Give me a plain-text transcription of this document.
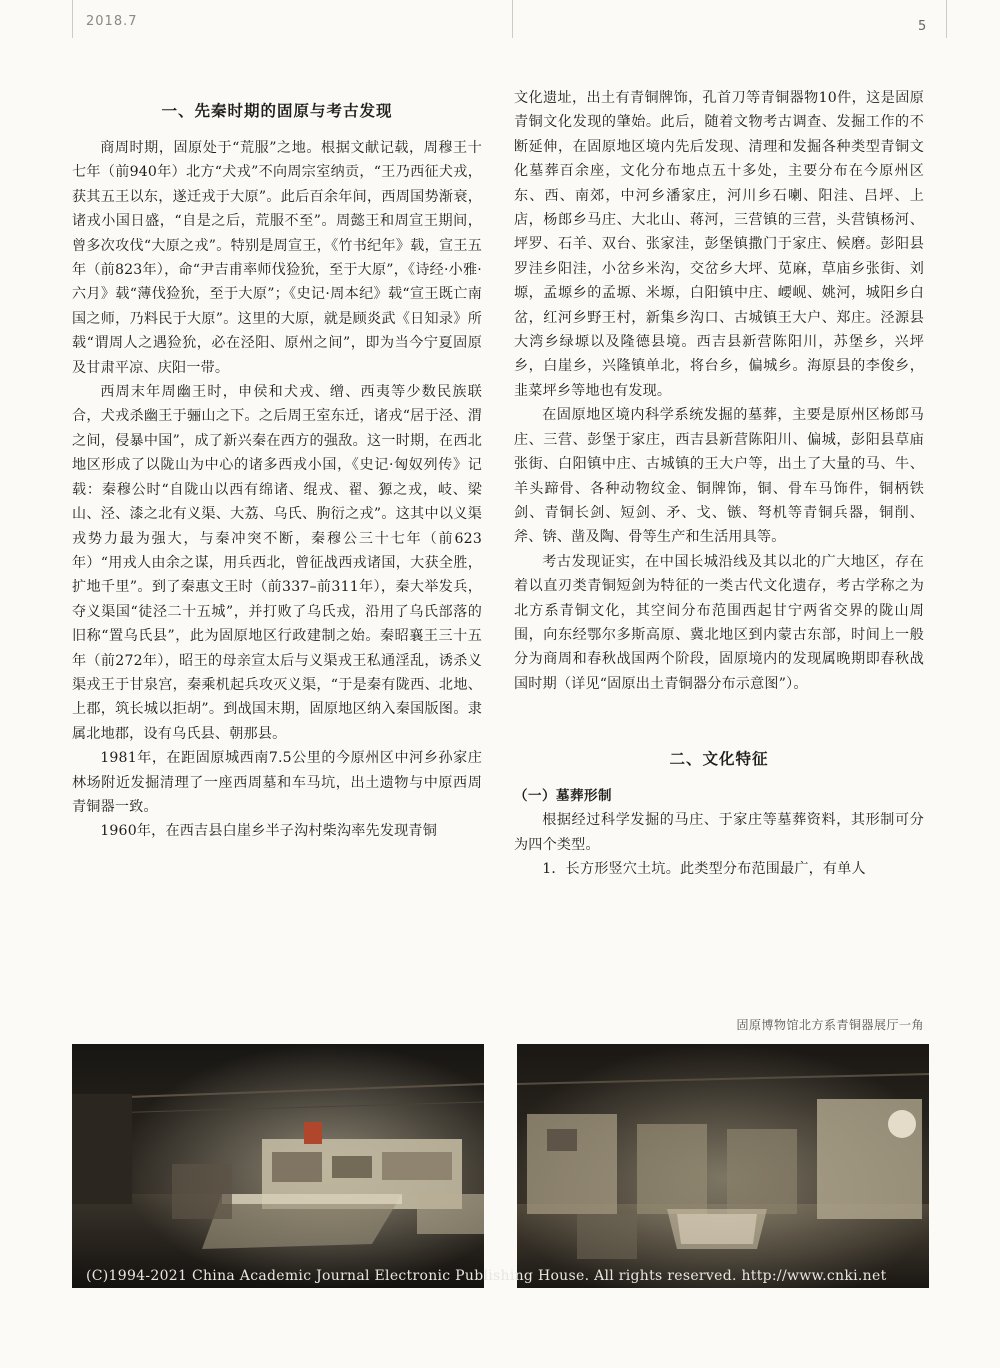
2018.7	5
一、先秦时期的固原与考古发现

商周时期，固原处于“荒服”之地。根据文献记载，周穆王十七年（前940年）北方“犬戎”不向周宗室纳贡，“王乃西征犬戎，获其五王以东，遂迁戎于大原”。此后百余年间，西周国势渐衰，诸戎小国日盛，“自是之后，荒服不至”。周懿王和周宣王期间，曾多次攻伐“大原之戎”。特别是周宣王，《竹书纪年》载，宣王五年（前823年），命“尹吉甫率师伐猃狁，至于大原”，《诗经·小雅·六月》载“薄伐猃狁，至于大原”；《史记·周本纪》载“宣王既亡南国之师，乃料民于大原”。这里的大原，就是顾炎武《日知录》所载“谓周人之遇猃狁，必在泾阳、原州之间”，即为当今宁夏固原及甘肃平凉、庆阳一带。

西周末年周幽王时，申侯和犬戎、缯、西夷等少数民族联合，犬戎杀幽王于骊山之下。之后周王室东迁，诸戎“居于泾、渭之间，侵暴中国”，成了新兴秦在西方的强敌。这一时期，在西北地区形成了以陇山为中心的诸多西戎小国，《史记·匈奴列传》记载：秦穆公时“自陇山以西有绵诸、绲戎、翟、獂之戎，岐、梁山、泾、漆之北有义渠、大荔、乌氏、朐衍之戎”。这其中以义渠戎势力最为强大，与秦冲突不断，秦穆公三十七年（前623年）“用戎人由余之谋，用兵西北，曾征战西戎诸国，大获全胜，扩地千里”。到了秦惠文王时（前337–前311年），秦大举发兵，夺义渠国“徒泾二十五城”，并打败了乌氏戎，沿用了乌氏部落的旧称“置乌氏县”，此为固原地区行政建制之始。秦昭襄王三十五年（前272年），昭王的母亲宣太后与义渠戎王私通淫乱，诱杀义渠戎王于甘泉宫，秦乘机起兵攻灭义渠，“于是秦有陇西、北地、上郡，筑长城以拒胡”。到战国末期，固原地区纳入秦国版图。隶属北地郡，设有乌氏县、朝那县。

1981年，在距固原城西南7.5公里的今原州区中河乡孙家庄林场附近发掘清理了一座西周墓和车马坑，出土遗物与中原西周青铜器一致。

1960年，在西吉县白崖乡半子沟村柴沟率先发现青铜

文化遗址，出土有青铜牌饰，孔首刀等青铜器物10件，这是固原青铜文化发现的肇始。此后，随着文物考古调查、发掘工作的不断延伸，在固原地区境内先后发现、清理和发掘各种类型青铜文化墓葬百余座，文化分布地点五十多处，主要分布在今原州区东、西、南郊，中河乡潘家庄，河川乡石喇、阳洼、吕坪、上店，杨郎乡马庄、大北山、蒋河，三营镇的三营，头营镇杨河、坪罗、石羊、双台、张家洼，彭堡镇撒门于家庄、候磨。彭阳县罗洼乡阳洼，小岔乡米沟，交岔乡大坪、苋麻，草庙乡张街、刘塬，孟塬乡的孟塬、米塬，白阳镇中庄、崾岘、姚河，城阳乡白岔，红河乡野王村，新集乡沟口、古城镇王大户、郑庄。泾源县大湾乡绿塬以及隆德县境。西吉县新营陈阳川，苏堡乡，兴坪乡，白崖乡，兴隆镇单北，将台乡，偏城乡。海原县的李俊乡，韭菜坪乡等地也有发现。

在固原地区境内科学系统发掘的墓葬，主要是原州区杨郎马庄、三营、彭堡于家庄，西吉县新营陈阳川、偏城，彭阳县草庙张街、白阳镇中庄、古城镇的王大户等，出土了大量的马、牛、羊头蹄骨、各种动物纹金、铜牌饰，铜、骨车马饰件，铜柄铁剑、青铜长剑、短剑、矛、戈、镞、弩机等青铜兵器，铜削、斧、锛、凿及陶、骨等生产和生活用具等。

考古发现证实，在中国长城沿线及其以北的广大地区，存在着以直刃类青铜短剑为特征的一类古代文化遗存，考古学称之为北方系青铜文化，其空间分布范围西起甘宁两省交界的陇山周围，向东经鄂尔多斯高原、冀北地区到内蒙古东部，时间上一般分为商周和春秋战国两个阶段，固原境内的发现属晚期即春秋战国时期（详见“固原出土青铜器分布示意图”）。

二、文化特征
（一）墓葬形制

根据经过科学发掘的马庄、于家庄等墓葬资料，其形制可分为四个类型。

1．长方形竖穴土坑。此类型分布范围最广，有单人

固原博物馆北方系青铜器展厅一角
(C)1994-2021 China Academic Journal Electronic Publishing House. All rights reserved. http://www.cnki.net
